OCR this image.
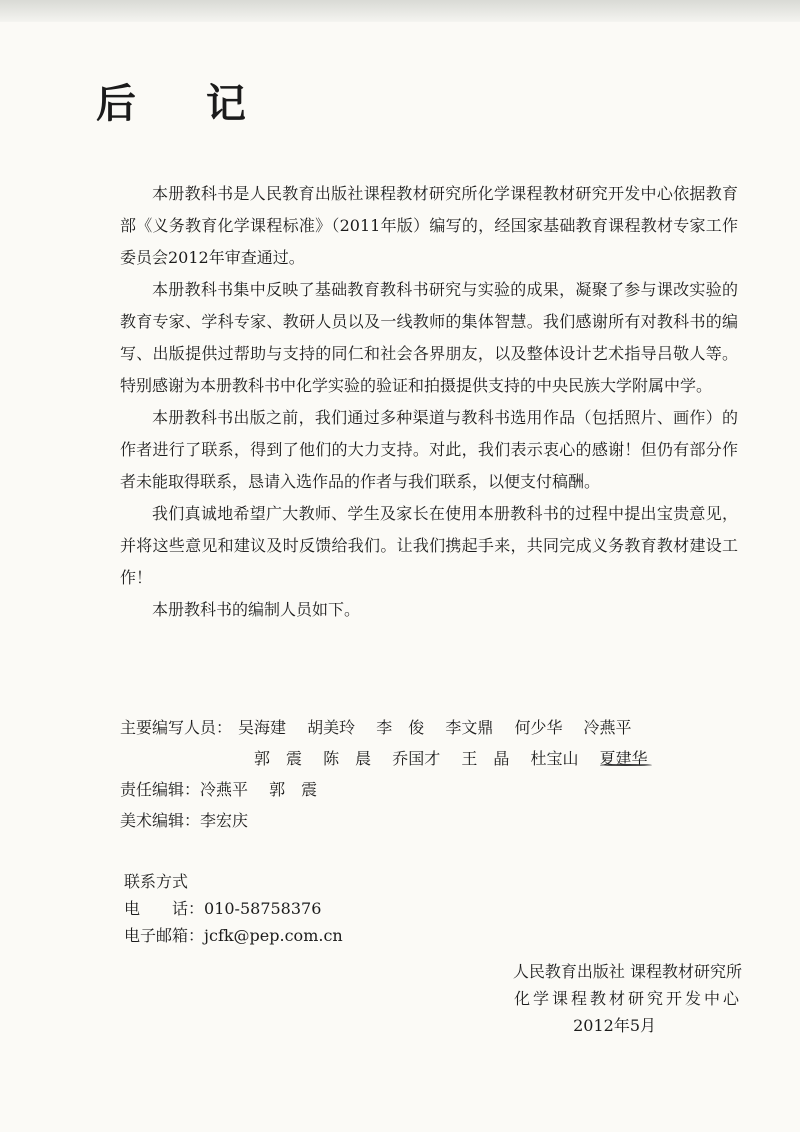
后 记

本册教科书是人民教育出版社课程教材研究所化学课程教材研究开发中心依据教育部《义务教育化学课程标准》（2011年版）编写的，经国家基础教育课程教材专家工作委员会2012年审查通过。

本册教科书集中反映了基础教育教科书研究与实验的成果，凝聚了参与课改实验的教育专家、学科专家、教研人员以及一线教师的集体智慧。我们感谢所有对教科书的编写、出版提供过帮助与支持的同仁和社会各界朋友，以及整体设计艺术指导吕敬人等。特别感谢为本册教科书中化学实验的验证和拍摄提供支持的中央民族大学附属中学。

本册教科书出版之前，我们通过多种渠道与教科书选用作品（包括照片、画作）的作者进行了联系，得到了他们的大力支持。对此，我们表示衷心的感谢！但仍有部分作者未能取得联系，恳请入选作品的作者与我们联系，以便支付稿酬。

我们真诚地希望广大教师、学生及家长在使用本册教科书的过程中提出宝贵意见，并将这些意见和建议及时反馈给我们。让我们携起手来，共同完成义务教育教材建设工作！

本册教科书的编制人员如下。

主要编写人员： 吴海建 胡美玲 李　俊 李文鼎 何少华 冷燕平
郭　震 陈　晨 乔国才 王　晶 杜宝山 夏建华
责任编辑： 冷燕平 郭　震
美术编辑： 李宏庆
联系方式
电　　话：010-58758376
电子邮箱：jcfk@pep.com.cn
人民教育出版社 课程教材研究所
化学课程教材研究开发中心
2012年5月
